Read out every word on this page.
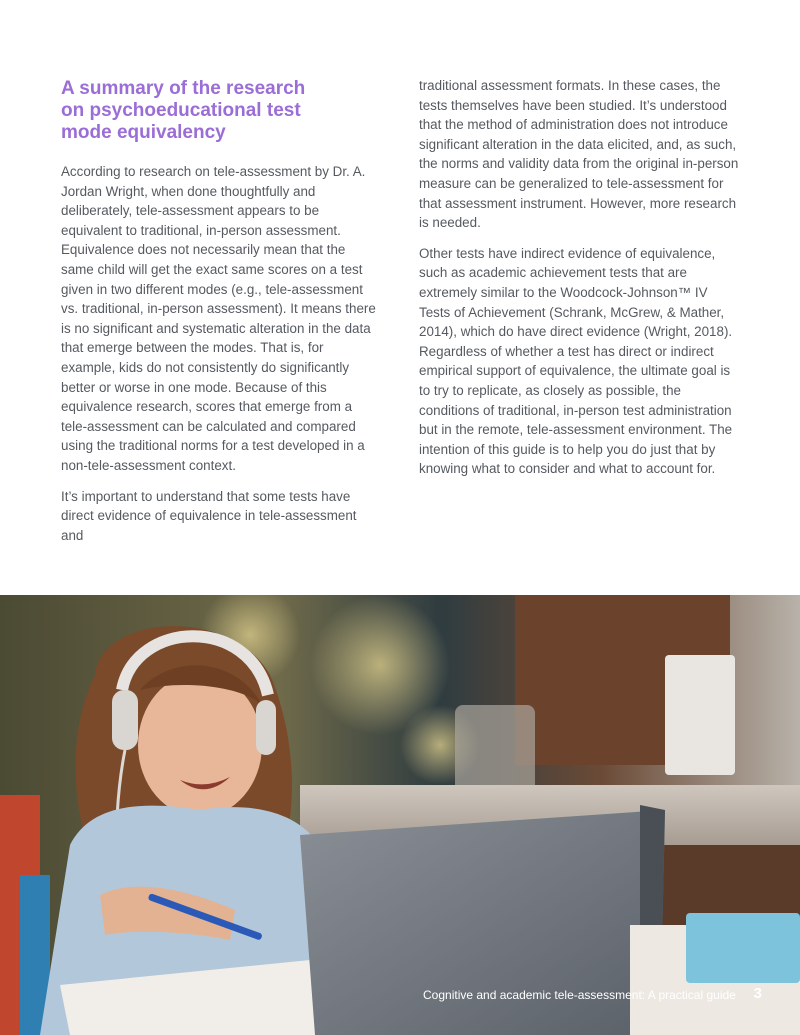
A summary of the research
on psychoeducational test
mode equivalency

According to research on tele-assessment by Dr. A. Jordan Wright, when done thoughtfully and deliberately, tele-assessment appears to be equivalent to traditional, in-person assessment. Equivalence does not necessarily mean that the same child will get the exact same scores on a test given in two different modes (e.g., tele-assessment vs. traditional, in-person assessment). It means there is no significant and systematic alteration in the data that emerge between the modes. That is, for example, kids do not consistently do significantly better or worse in one mode. Because of this equivalence research, scores that emerge from a tele-assessment can be calculated and compared using the traditional norms for a test developed in a non-tele-assessment context.

It’s important to understand that some tests have direct evidence of equivalence in tele-assessment and

traditional assessment formats. In these cases, the tests themselves have been studied. It’s understood that the method of administration does not introduce significant alteration in the data elicited, and, as such, the norms and validity data from the original in-person measure can be generalized to tele-assessment for that assessment instrument. However, more research is needed.

Other tests have indirect evidence of equivalence, such as academic achievement tests that are extremely similar to the Woodcock-Johnson™ IV Tests of Achievement (Schrank, McGrew, & Mather, 2014), which do have direct evidence (Wright, 2018). Regardless of whether a test has direct or indirect empirical support of equivalence, the ultimate goal is to try to replicate, as closely as possible, the conditions of traditional, in-person test administration but in the remote, tele-assessment environment. The intention of this guide is to help you do just that by knowing what to consider and what to account for.

Cognitive and academic tele-assessment: A practical guide	3
